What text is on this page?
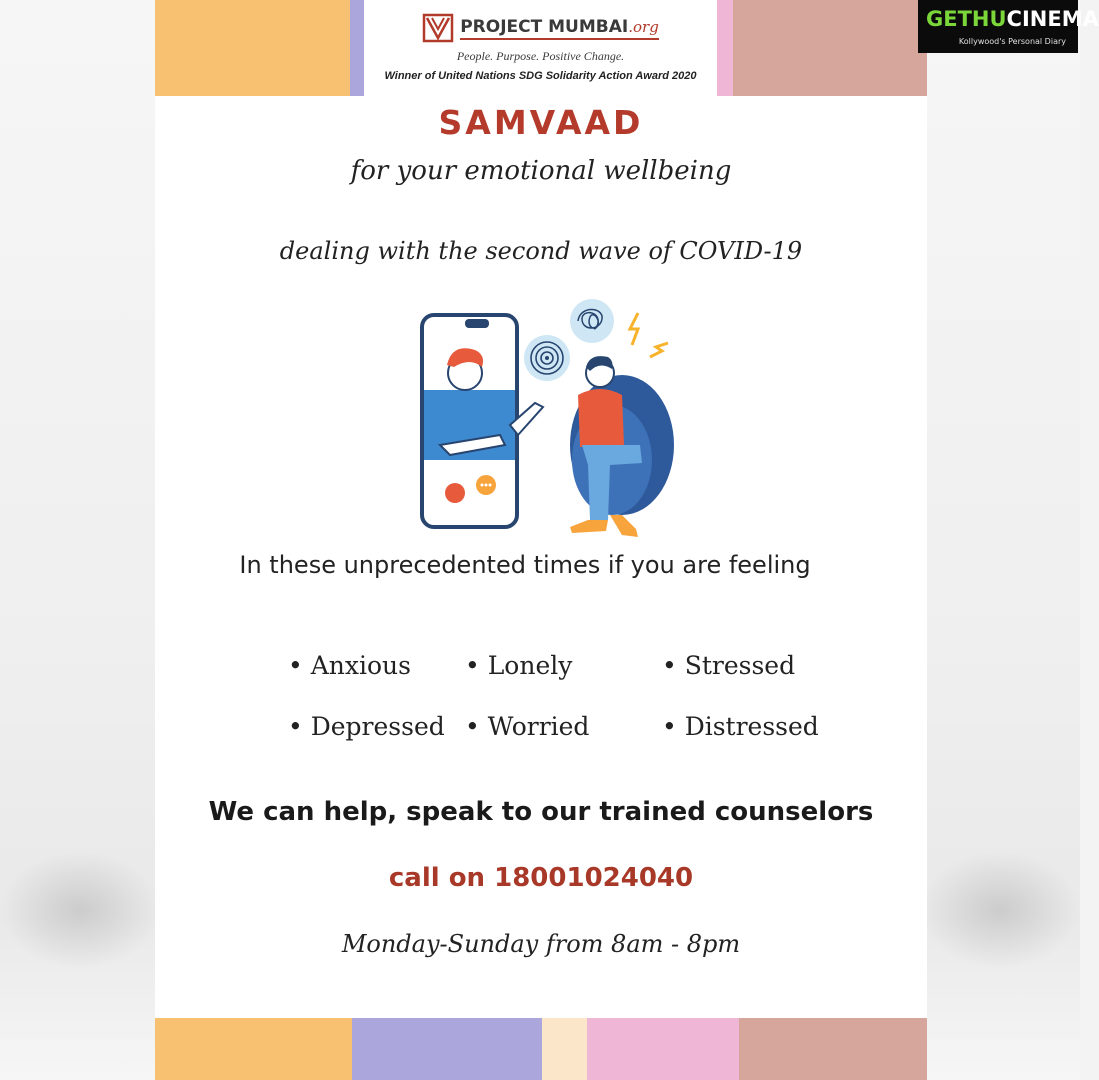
PROJECT MUMBAI.org
People. Purpose. Positive Change.
Winner of United Nations SDG Solidarity Action Award 2020
SAMVAAD
for your emotional wellbeing
dealing with the second wave of COVID-19
In these unprecedented times if you are feeling
• Anxious • Lonely	• Stressed
• Depressed • Worried	• Distressed
We can help, speak to our trained counselors
call on 18001024040
Monday-Sunday from 8am - 8pm
GETHUCINEMA
Kollywood's Personal Diary
